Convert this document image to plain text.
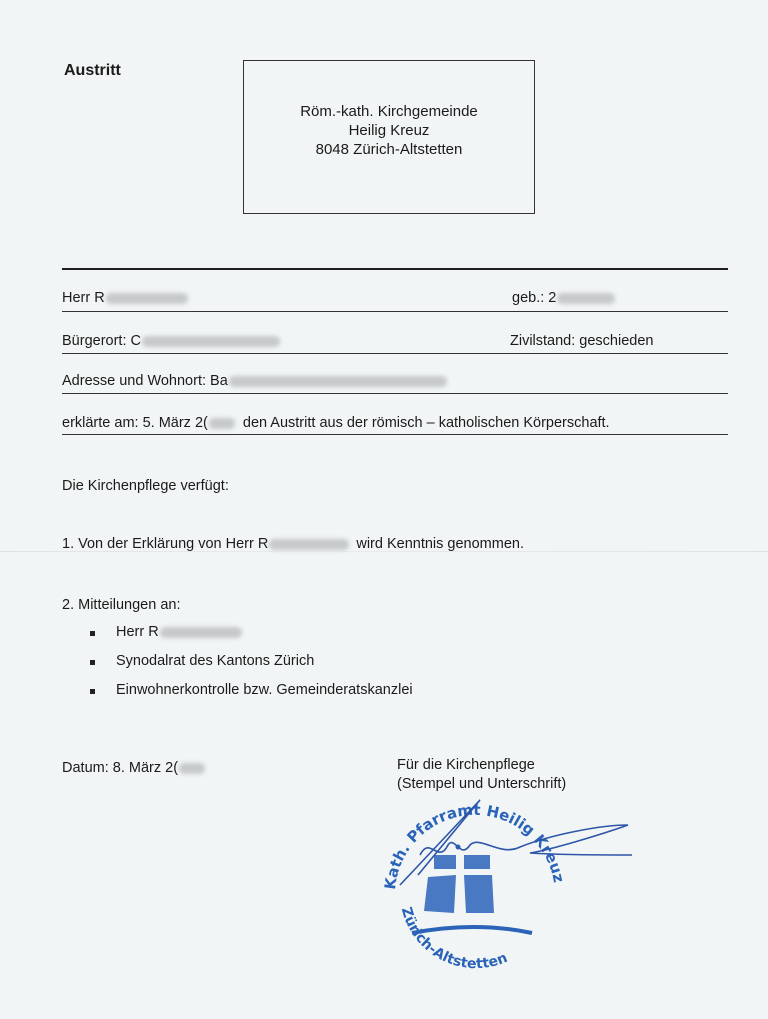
Austritt
Röm.-kath. Kirchgemeinde
Heilig Kreuz
8048 Zürich-Altstetten
Herr R	geb.: 2
Bürgerort: C	Zivilstand: geschieden
Adresse und Wohnort: Ba
erklärte am: 5. März 2( den Austritt aus der römisch – katholischen Körperschaft.
Die Kirchenpflege verfügt:
1. Von der Erklärung von Herr R	wird Kenntnis genommen.
2. Mitteilungen an:
Herr R
Synodalrat des Kantons Zürich
Einwohnerkontrolle bzw. Gemeinderatskanzlei
Datum: 8. März 2(	Für die Kirchenpflege
(Stempel und Unterschrift)
Kath. Pfarramt Heilig Kreuz
Zürich-Altstetten
